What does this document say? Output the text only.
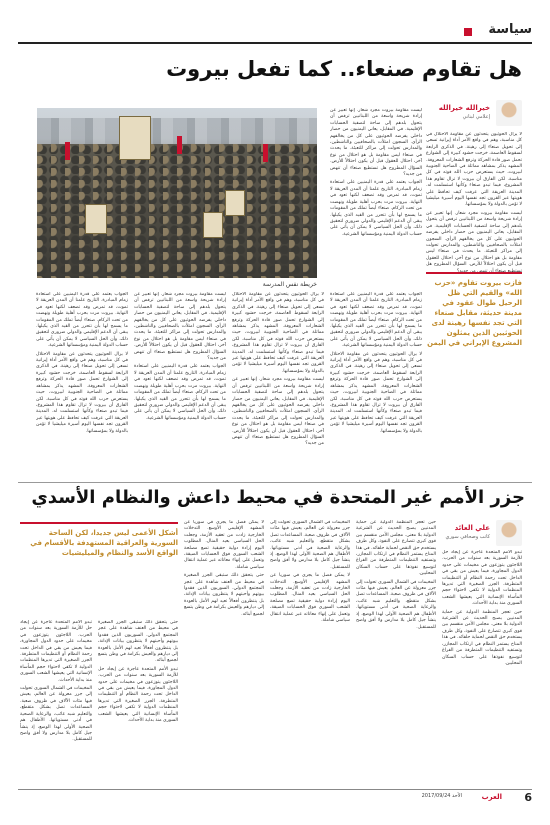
سياسة
هل تقاوم صنعاء.. كما تفعل بيروت
خيرالله خيرالله
إعلامي لبناني

لا يزال الحوثيون يتحدثون عن مقاومة الاحتلال في كل مناسبة، وهم في واقع الأمر أداة إيرانية تسعى إلى تحويل صنعاء إلى رهينة. في الذكرى الرابعة لسقوط العاصمة، خرجت حشود كبيرة إلى الشوارع تحمل صور قادة الحركة وترفع الشعارات المعروفة. المشهد يذكر بمشاهد مماثلة في الضاحية الجنوبية لبيروت، حيث يستعرض حزب الله قوته في كل مناسبة. لكن الفارق أن بيروت لا تزال تقاوم هذا المشروع، فيما تبدو صنعاء وكأنها استسلمت له. المدينة العريقة التي عرفت كيف تحافظ على هويتها عبر القرون تجد نفسها اليوم أسيرة ميليشيا لا تؤمن بالدولة ولا بمؤسساتها.

ليست مقاومة بيروت مجرد شعار. إنها تعبير عن إرادة شريحة واسعة من اللبنانيين ترفض أن يتحول بلدهم إلى ساحة لتصفية الحسابات الإقليمية. في المقابل، يعاني اليمنيون من حصار داخلي يفرضه الحوثيون على كل من يخالفهم الرأي. السجون امتلأت بالصحافيين والناشطين، والمدارس تحولت إلى مراكز للتعبئة. ما يحدث في صنعاء ليس مقاومة بل هو احتلال من نوع آخر، احتلال للعقول قبل أن يكون احتلالاً للأرض. السؤال المطروح هل

ليست مقاومة بيروت مجرد شعار. إنها تعبير عن إرادة شريحة واسعة من اللبنانيين ترفض أن يتحول بلدهم إلى ساحة لتصفية الحسابات الإقليمية. في المقابل، يعاني اليمنيون من حصار داخلي يفرضه الحوثيون على كل من يخالفهم الرأي. السجون امتلأت بالصحافيين والناشطين، والمدارس تحولت إلى مراكز للتعبئة. ما يحدث في صنعاء ليس مقاومة بل هو احتلال من نوع آخر، احتلال للعقول قبل أن يكون احتلالاً للأرض. السؤال المطروح هل تستطيع صنعاء أن تنهض من جديد؟

الجواب يعتمد على قدرة اليمنيين على استعادة زمام المبادرة. التاريخ علمنا أن المدن العريقة لا تموت، قد تمرض وقد تضعف لكنها تعود في النهاية. بيروت مرت بحرب أهلية طويلة ونهضت من تحت الركام. صنعاء أيضاً تملك من المقومات ما يسمح لها بأن تتحرر من القيد الذي يكبلها. يبقى أن الدعم الإقليمي والدولي ضروري لتحقيق ذلك، وأن الحل السياسي لا يمكن أن يأتي على حساب الدولة اليمنية ومؤسساتها الشرعية.

خريطة نفس المدرسة

الجواب يعتمد على قدرة اليمنيين على استعادة زمام المبادرة. التاريخ علمنا أن المدن العريقة لا تموت، قد تمرض وقد تضعف لكنها تعود في النهاية. بيروت مرت بحرب أهلية طويلة ونهضت من تحت الركام. صنعاء أيضاً تملك من المقومات ما يسمح لها بأن تتحرر من القيد الذي يكبلها. يبقى أن الدعم الإقليمي والدولي ضروري لتحقيق ذلك، وأن الحل السياسي لا يمكن أن يأتي على حساب الدولة اليمنية ومؤسساتها الشرعية.

لا يزال الحوثيون يتحدثون عن مقاومة الاحتلال في كل مناسبة، وهم في واقع الأمر أداة إيرانية تسعى إلى تحويل صنعاء إلى رهينة. في الذكرى الرابعة لسقوط العاصمة، خرجت حشود كبيرة إلى الشوارع تحمل صور قادة الحركة وترفع الشعارات المعروفة. المشهد يذكر بمشاهد مماثلة في الضاحية الجنوبية لبيروت، حيث يستعرض حزب الله قوته في كل مناسبة. لكن الفارق أن بيروت لا تزال تقاوم هذا المشروع، فيما تبدو صنعاء وكأنها استسلمت له. المدينة العريقة التي عرفت كيف تحافظ على هويتها عبر القرون تجد نفسها اليوم أسيرة ميليشيا لا تؤمن بالدولة ولا بمؤسساتها.

لا يزال الحوثيون يتحدثون عن مقاومة الاحتلال في كل مناسبة، وهم في واقع الأمر أداة إيرانية تسعى إلى تحويل صنعاء إلى رهينة. في الذكرى الرابعة لسقوط العاصمة، خرجت حشود كبيرة إلى الشوارع تحمل صور قادة الحركة وترفع الشعارات المعروفة. المشهد يذكر بمشاهد مماثلة في الضاحية الجنوبية لبيروت، حيث يستعرض حزب الله قوته في كل مناسبة. لكن الفارق أن بيروت لا تزال تقاوم هذا المشروع، فيما تبدو صنعاء وكأنها استسلمت له. المدينة العريقة التي عرفت كيف تحافظ على هويتها عبر القرون تجد نفسها اليوم أسيرة ميليشيا لا تؤمن بالدولة ولا بمؤسساتها.

ليست مقاومة بيروت مجرد شعار. إنها تعبير عن إرادة شريحة واسعة من اللبنانيين ترفض أن يتحول بلدهم إلى ساحة لتصفية الحسابات الإقليمية. في المقابل، يعاني اليمنيون من حصار داخلي يفرضه الحوثيون على كل من يخالفهم الرأي. السجون امتلأت بالصحافيين والناشطين، والمدارس تحولت إلى مراكز للتعبئة. ما يحدث في صنعاء ليس مقاومة بل هو احتلال من نوع آخر، احتلال للعقول قبل أن يكون احتلالاً للأرض. السؤال المطروح هل تستطيع صنعاء أن تنهض من جديد؟

ليست مقاومة بيروت مجرد شعار. إنها تعبير عن إرادة شريحة واسعة من اللبنانيين ترفض أن يتحول بلدهم إلى ساحة لتصفية الحسابات الإقليمية. في المقابل، يعاني اليمنيون من حصار داخلي يفرضه الحوثيون على كل من يخالفهم الرأي. السجون امتلأت بالصحافيين والناشطين، والمدارس تحولت إلى مراكز للتعبئة. ما يحدث في صنعاء ليس مقاومة بل هو احتلال من نوع آخر، احتلال للعقول قبل أن يكون احتلالاً للأرض. السؤال المطروح هل تستطيع صنعاء أن تنهض من جديد؟

الجواب يعتمد على قدرة اليمنيين على استعادة زمام المبادرة. التاريخ علمنا أن المدن العريقة لا تموت، قد تمرض وقد تضعف لكنها تعود في النهاية. بيروت مرت بحرب أهلية طويلة ونهضت من تحت الركام. صنعاء أيضاً تملك من المقومات ما يسمح لها بأن تتحرر من القيد الذي يكبلها. يبقى أن الدعم الإقليمي والدولي ضروري لتحقيق ذلك، وأن الحل السياسي لا يمكن أن يأتي على حساب الدولة اليمنية ومؤسساتها الشرعية.

الجواب يعتمد على قدرة اليمنيين على استعادة زمام المبادرة. التاريخ علمنا أن المدن العريقة لا تموت، قد تمرض وقد تضعف لكنها تعود في النهاية. بيروت مرت بحرب أهلية طويلة ونهضت من تحت الركام. صنعاء أيضاً تملك من المقومات ما يسمح لها بأن تتحرر من القيد الذي يكبلها. يبقى أن الدعم الإقليمي والدولي ضروري لتحقيق ذلك، وأن الحل السياسي لا يمكن أن يأتي على حساب الدولة اليمنية ومؤسساتها الشرعية.

لا يزال الحوثيون يتحدثون عن مقاومة الاحتلال في كل مناسبة، وهم في واقع الأمر أداة إيرانية تسعى إلى تحويل صنعاء إلى رهينة. في الذكرى الرابعة لسقوط العاصمة، خرجت حشود كبيرة إلى الشوارع تحمل صور قادة الحركة وترفع الشعارات المعروفة. المشهد يذكر بمشاهد مماثلة في الضاحية الجنوبية لبيروت، حيث يستعرض حزب الله قوته في كل مناسبة. لكن الفارق أن بيروت لا تزال تقاوم هذا المشروع، فيما تبدو صنعاء وكأنها استسلمت له. المدينة العريقة التي عرفت كيف تحافظ على هويتها عبر القرون تجد نفسها اليوم أسيرة ميليشيا لا تؤمن بالدولة ولا بمؤسساتها.

فازت بيروت تقاوم «حزب الله» والقيم التي ظل الرحيل طوال عقود في مدينة حديثة، مقابل صنعاء التي تجد نفسها رهينة لدى الحوثيين الذين يمثلون المشروع الإيراني في اليمن
جزر الأمم غير المتحدة في محيط داعش والنظام الأسدي
علي العائد
كاتب وصحافي سوري

تبدو الأمم المتحدة عاجزة عن إيجاد حل للأزمة السورية بعد سنوات من الحرب. اللاجئون يتوزعون في مخيمات على حدود الدول المجاورة، فيما يعيش من بقي في الداخل تحت رحمة النظام أو التنظيمات المتطرفة. الجزر الصغيرة التي تديرها المنظمات الدولية لا تكفي لاحتواء حجم المأساة الإنسانية التي يعيشها الشعب السوري منذ بداية الأحداث.

حين تعجز المنظمة الدولية عن حماية المدنيين يصبح الحديث عن الشرعية الدولية بلا معنى. مجلس الأمن منقسم بين قوى كبرى تتصارع على النفوذ، وكل طرف يستخدم حق النقض لحماية حلفائه. في هذا المناخ يستمر النظام في ارتكاب المجازر، وتستفيد التنظيمات المتطرفة من الفراغ لتوسيع نفوذها على حساب السكان المحليين.

حين تعجز المنظمة الدولية عن حماية المدنيين يصبح الحديث عن الشرعية الدولية بلا معنى. مجلس الأمن منقسم بين قوى كبرى تتصارع على النفوذ، وكل طرف يستخدم حق النقض لحماية حلفائه. في هذا المناخ يستمر النظام في ارتكاب المجازر، وتستفيد التنظيمات المتطرفة من الفراغ لتوسيع نفوذها على حساب السكان المحليين.

المخيمات في الشمال السوري تحولت إلى جزر معزولة عن العالم، يعيش فيها مئات الآلاف في ظروف صعبة. المساعدات تصل بشكل متقطع، والتعليم شبه غائب، والرعاية الصحية في أدنى مستوياتها. الأطفال هم الضحية الأولى لهذا الوضع، إذ ينشأ جيل كامل بلا مدارس ولا أفق واضح للمستقبل.

المخيمات في الشمال السوري تحولت إلى جزر معزولة عن العالم، يعيش فيها مئات الآلاف في ظروف صعبة. المساعدات تصل بشكل متقطع، والتعليم شبه غائب، والرعاية الصحية في أدنى مستوياتها. الأطفال هم الضحية الأولى لهذا الوضع، إذ ينشأ جيل كامل بلا مدارس ولا أفق واضح للمستقبل.

لا يمكن فصل ما يجري في سوريا عن المشهد الإقليمي الأوسع. التدخلات الخارجية زادت من تعقيد الأزمة، وجعلت الحل السياسي بعيد المنال. المطلوب اليوم إرادة دولية حقيقية تضع مصلحة الشعب السوري فوق الحسابات الضيقة، وتعمل على إنهاء معاناته عبر عملية انتقال سياسي شاملة.

لا يمكن فصل ما يجري في سوريا عن المشهد الإقليمي الأوسع. التدخلات الخارجية زادت من تعقيد الأزمة، وجعلت الحل السياسي بعيد المنال. المطلوب اليوم إرادة دولية حقيقية تضع مصلحة الشعب السوري فوق الحسابات الضيقة، وتعمل على إنهاء معاناته عبر عملية انتقال سياسي شاملة.

حتى يتحقق ذلك ستبقى الجزر الصغيرة في محيط من العنف شاهدة على عجز المجتمع الدولي. السوريون الذين فقدوا بيوتهم وأحبتهم لا ينتظرون بيانات الإدانة، بل ينتظرون أفعالاً تعيد لهم الأمل بالعودة إلى ديارهم والعيش بكرامة في وطن يتسع لجميع أبنائه.

حتى يتحقق ذلك ستبقى الجزر الصغيرة في محيط من العنف شاهدة على عجز المجتمع الدولي. السوريون الذين فقدوا بيوتهم وأحبتهم لا ينتظرون بيانات الإدانة، بل ينتظرون أفعالاً تعيد لهم الأمل بالعودة إلى ديارهم والعيش بكرامة في وطن يتسع لجميع أبنائه.

تبدو الأمم المتحدة عاجزة عن إيجاد حل للأزمة السورية بعد سنوات من الحرب. اللاجئون يتوزعون في مخيمات على حدود الدول المجاورة، فيما يعيش من بقي في الداخل تحت رحمة النظام أو التنظيمات المتطرفة. الجزر الصغيرة التي تديرها المنظمات الدولية لا تكفي لاحتواء حجم المأساة الإنسانية التي يعيشها الشعب السوري منذ بداية الأحداث.

تبدو الأمم المتحدة عاجزة عن إيجاد حل للأزمة السورية بعد سنوات من الحرب. اللاجئون يتوزعون في مخيمات على حدود الدول المجاورة، فيما يعيش من بقي في الداخل تحت رحمة النظام أو التنظيمات المتطرفة. الجزر الصغيرة التي تديرها المنظمات الدولية لا تكفي لاحتواء حجم المأساة الإنسانية التي يعيشها الشعب السوري منذ بداية الأحداث.

المخيمات في الشمال السوري تحولت إلى جزر معزولة عن العالم، يعيش فيها مئات الآلاف في ظروف صعبة. المساعدات تصل بشكل متقطع، والتعليم شبه غائب، والرعاية الصحية في أدنى مستوياتها. الأطفال هم الضحية الأولى لهذا الوضع، إذ ينشأ جيل كامل بلا مدارس ولا أفق واضح للمستقبل.

أشكل الأعمى ليس جديدا، لكن الساحة السورية والعراقية المستهدفة بالأقسام في الواقع الأسد والنظام والميليشيات
6
العرب
الأحد 2017/09/24
